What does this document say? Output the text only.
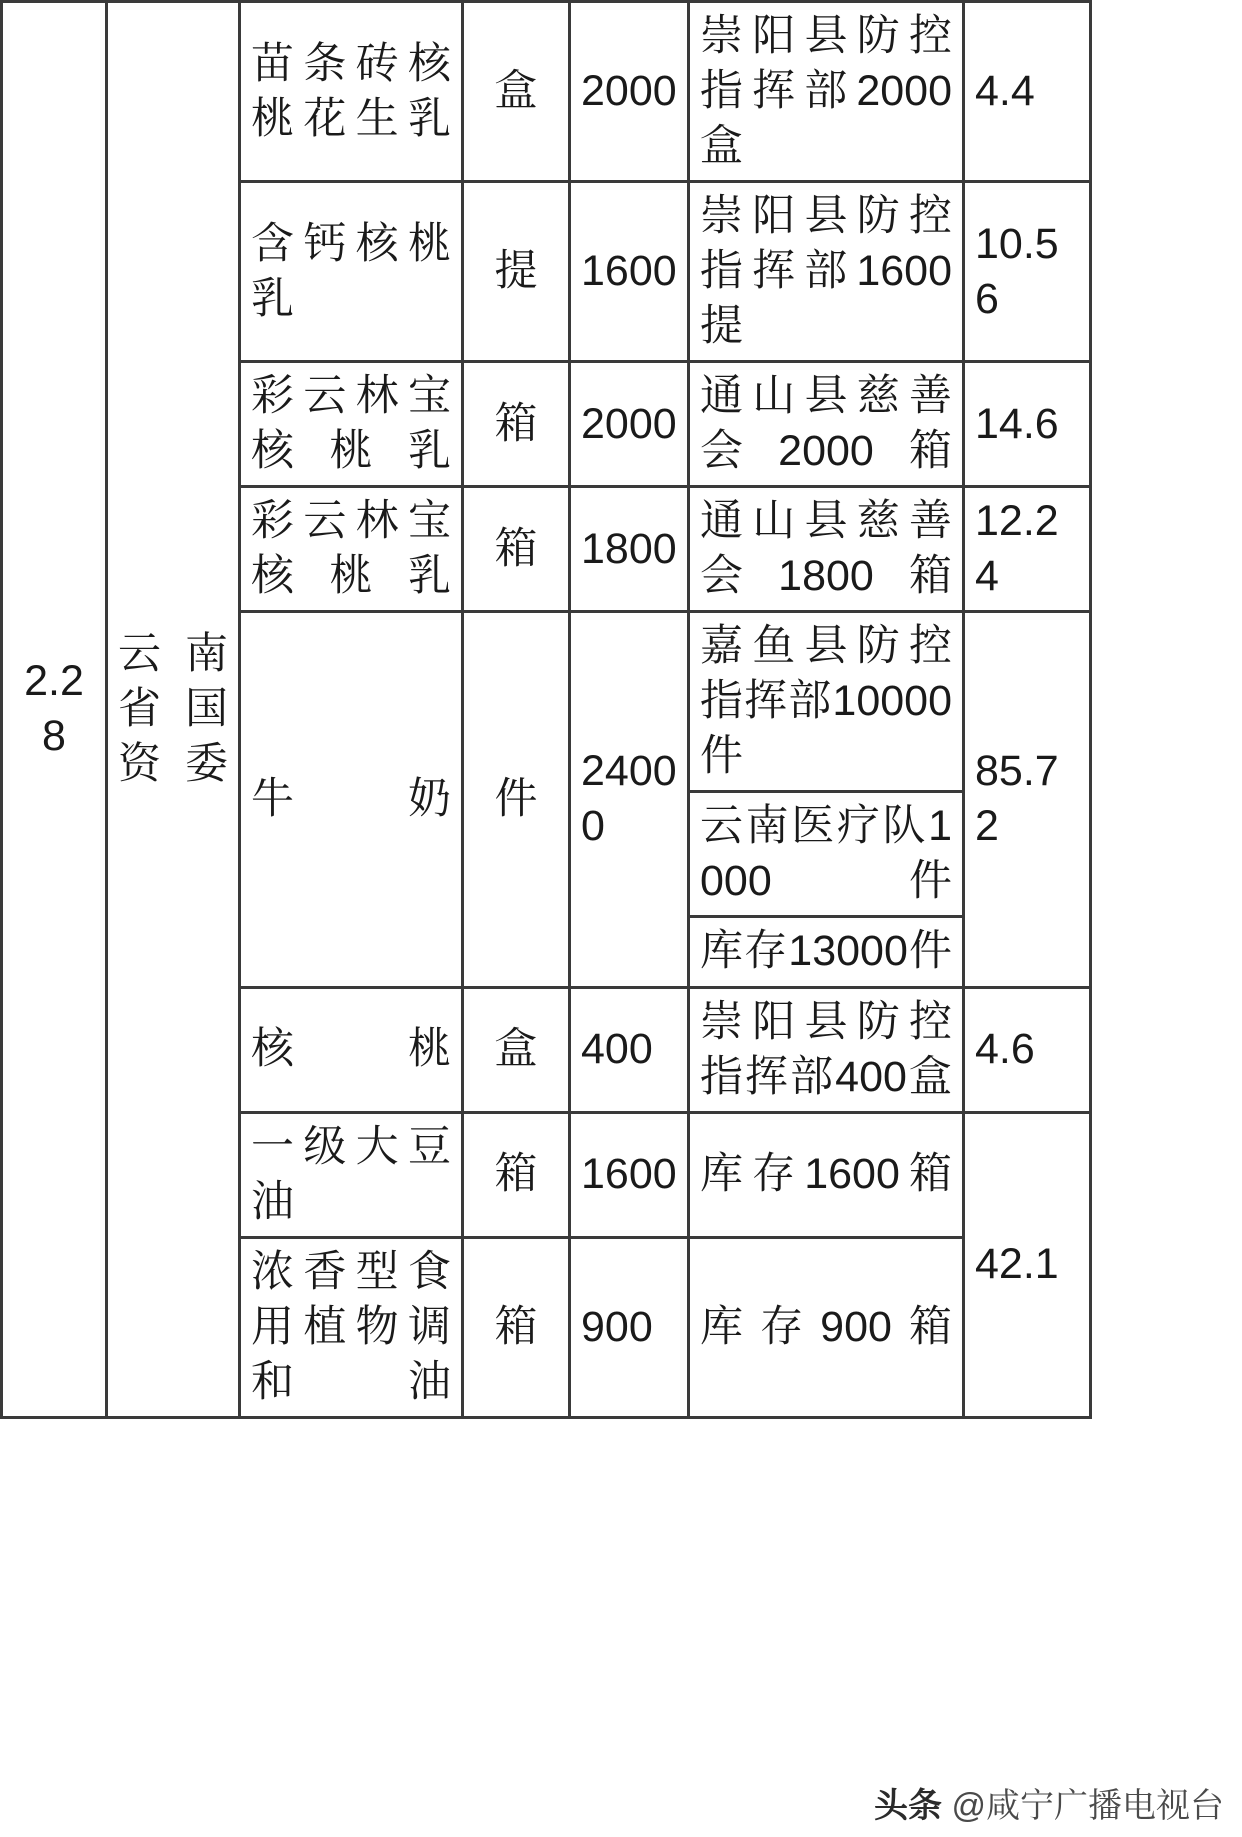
2.28	云南省国资委	苗条砖核桃花生乳	盒	2000	崇阳县防控指挥部2000盒	4.4
		含钙核桃乳	提	1600	崇阳县防控指挥部1600提	10.56
		彩云林宝核桃乳	箱	2000	通山县慈善会2000箱	14.6
		彩云林宝核桃乳	箱	1800	通山县慈善会1800箱	12.24
		牛奶	件	24000	嘉鱼县防控指挥部10000件	85.72
					云南医疗队1000件	
					库存13000件	
		核桃	盒	400	崇阳县防控指挥部400盒	4.6
		一级大豆油	箱	1600	库存1600箱	42.1
		浓香型食用植物调和油	箱	900	库存900箱	
头条 @咸宁广播电视台
